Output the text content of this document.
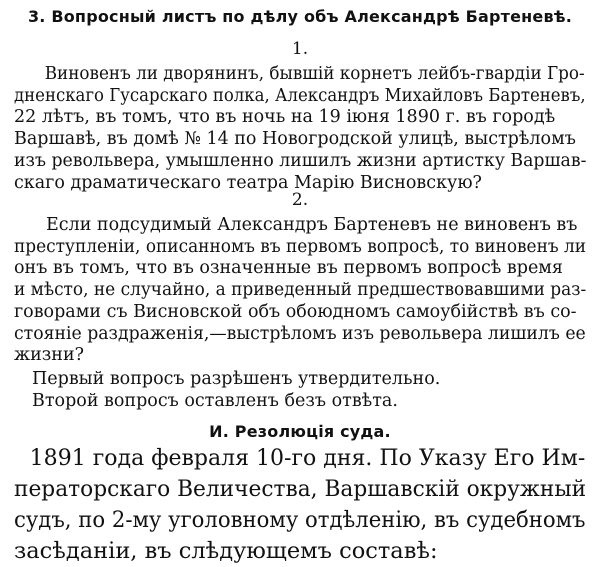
3. Вопросный листъ по дѣлу объ Александрѣ Бартеневѣ.
1.
Виновенъ ли дворянинъ, бывшій корнетъ лейбъ-гвардіи Гро-
дненскаго Гусарскаго полка, Александръ Михайловъ Бартеневъ,
22 лѣтъ, въ томъ, что въ ночь на 19 іюня 1890 г. въ городѣ
Варшавѣ, въ домѣ № 14 по Новогродской улицѣ, выстрѣломъ
изъ револьвера, умышленно лишилъ жизни артистку Варшав-
скаго драматическаго театра Марію Висновскую?
2.
Если подсудимый Александръ Бартеневъ не виновенъ въ
преступленіи, описанномъ въ первомъ вопросѣ, то виновенъ ли
онъ въ томъ, что въ означенные въ первомъ вопросѣ время
и мѣсто, не случайно, а приведенный предшествовавшими раз-
говорами съ Висновской объ обоюдномъ самоубійствѣ въ со-
стояніе раздраженія,—выстрѣломъ изъ револьвера лишилъ ее
жизни?
Первый вопросъ разрѣшенъ утвердительно.
Второй вопросъ оставленъ безъ отвѣта.
И. Резолюція суда.
1891 года февраля 10-го дня. По Указу Его Им-
ператорскаго Величества, Варшавскій окружный
судъ, по 2-му уголовному отдѣленію, въ судебномъ
засѣданіи, въ слѣдующемъ составѣ:
